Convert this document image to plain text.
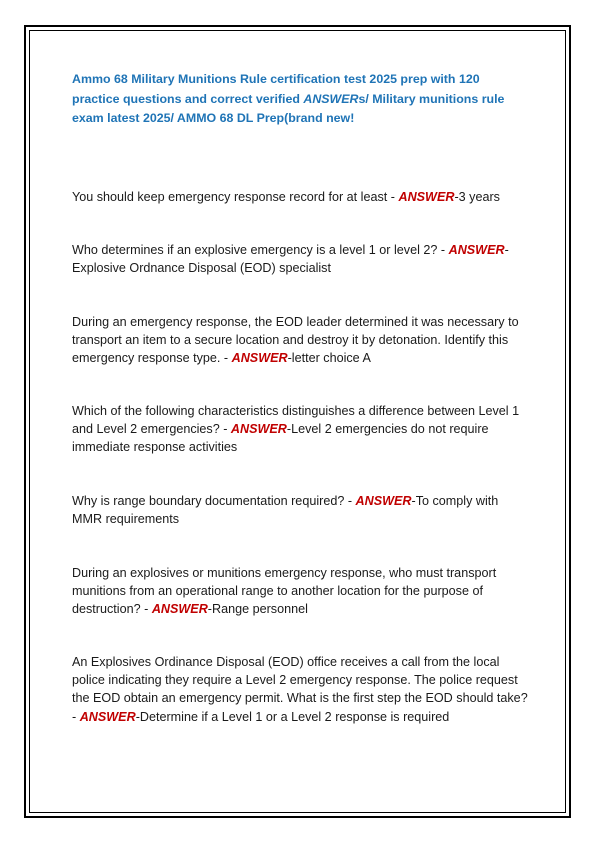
Ammo 68 Military Munitions Rule certification test 2025 prep with 120 practice questions and correct verified ANSWERs/ Military munitions rule exam latest 2025/ AMMO 68 DL Prep(brand new!

You should keep emergency response record for at least - ANSWER-3 years

Who determines if an explosive emergency is a level 1 or level 2? - ANSWER-Explosive Ordnance Disposal (EOD) specialist

During an emergency response, the EOD leader determined it was necessary to transport an item to a secure location and destroy it by detonation. Identify this emergency response type. - ANSWER-letter choice A

Which of the following characteristics distinguishes a difference between Level 1 and Level 2 emergencies? - ANSWER-Level 2 emergencies do not require immediate response activities

Why is range boundary documentation required? - ANSWER-To comply with MMR requirements

During an explosives or munitions emergency response, who must transport munitions from an operational range to another location for the purpose of destruction? - ANSWER-Range personnel

An Explosives Ordinance Disposal (EOD) office receives a call from the local police indicating they require a Level 2 emergency response. The police request the EOD obtain an emergency permit. What is the first step the EOD should take? - ANSWER-Determine if a Level 1 or a Level 2 response is required
